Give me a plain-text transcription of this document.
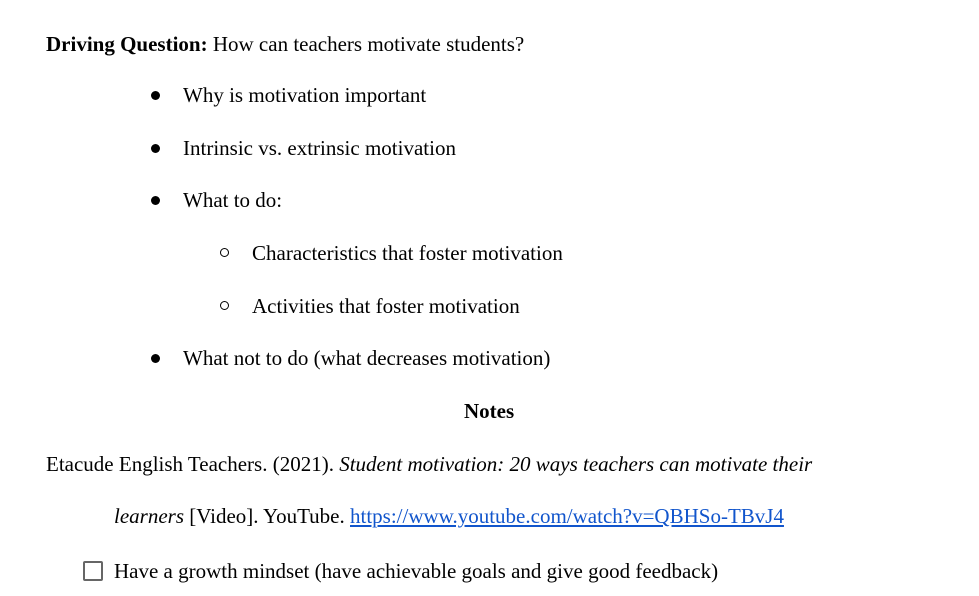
Driving Question: How can teachers motivate students?
Why is motivation important
Intrinsic vs. extrinsic motivation
What to do:
Characteristics that foster motivation
Activities that foster motivation
What not to do (what decreases motivation)
Notes
Etacude English Teachers. (2021). Student motivation: 20 ways teachers can motivate their
learners [Video]. YouTube. https://www.youtube.com/watch?v=QBHSo-TBvJ4
Have a growth mindset (have achievable goals and give good feedback)
